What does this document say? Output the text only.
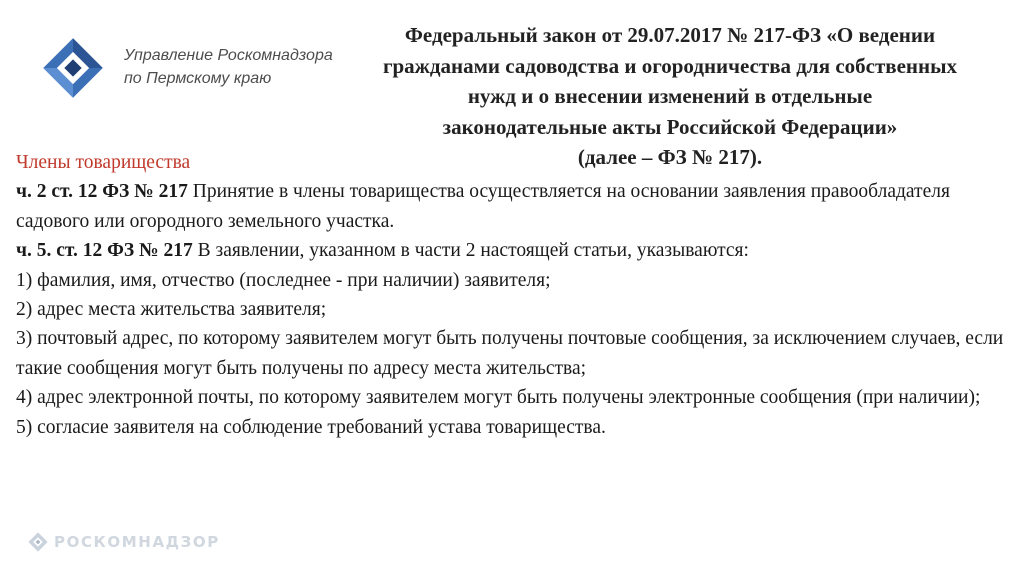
Управление Роскомнадзора
по Пермскому краю
Федеральный закон от 29.07.2017 № 217-ФЗ «О ведении
гражданами садоводства и огородничества для собственных
нужд и о внесении изменений в отдельные
законодательные акты Российской Федерации»
(далее – ФЗ № 217).

Члены товарищества

ч. 2 ст. 12 ФЗ № 217 Принятие в члены товарищества осуществляется на основании заявления правообладателя садового или огородного земельного участка.

ч. 5. ст. 12 ФЗ № 217 В заявлении, указанном в части 2 настоящей статьи, указываются:

1) фамилия, имя, отчество (последнее - при наличии) заявителя;

2) адрес места жительства заявителя;

3) почтовый адрес, по которому заявителем могут быть получены почтовые сообщения, за исключением случаев, если такие сообщения могут быть получены по адресу места жительства;

4) адрес электронной почты, по которому заявителем могут быть получены электронные сообщения (при наличии);

5) согласие заявителя на соблюдение требований устава товарищества.

РОСКОМНАДЗОР
